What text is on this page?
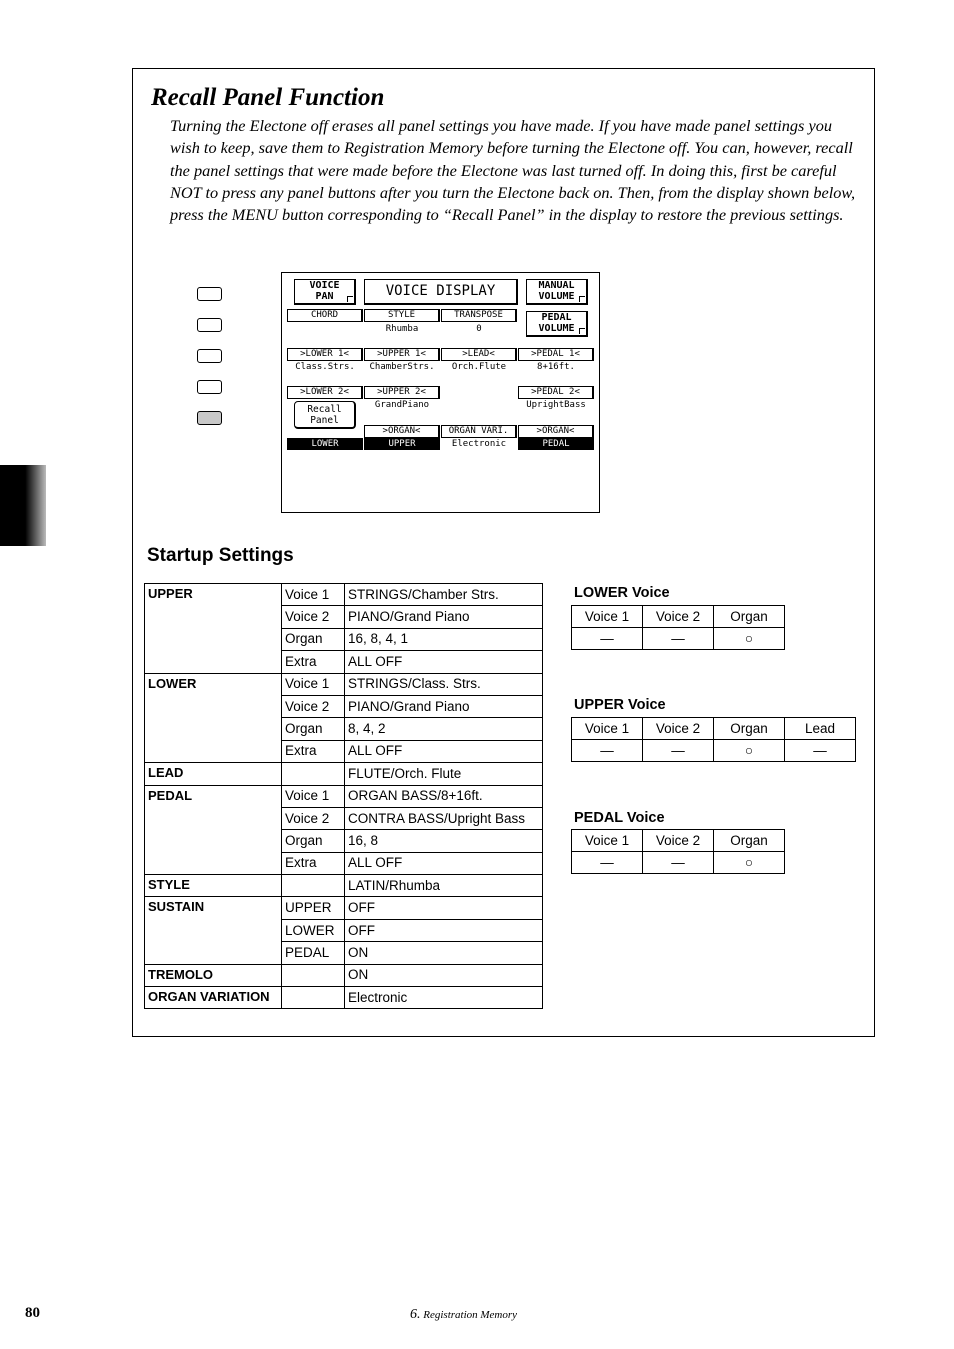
Recall Panel Function

Turning the Electone off erases all panel settings you have made. If you have made panel settings you wish to keep, save them to Registration Memory before turning the Electone off. You can, however, recall the panel settings that were made before the Electone was last turned off. In doing this, first be careful NOT to press any panel buttons after you turn the Electone back on. Then, from the display shown below, press the MENU button corresponding to “Recall Panel” in the display to restore the previous settings.

VOICE
PAN	VOICE DISPLAY	MANUAL
VOLUME
CHORD	STYLE
Rhumba
TRANSPOSE
0
PEDAL
VOLUME
>LOWER 1<
Class.Strs.
>UPPER 1<
ChamberStrs.
>LEAD<
Orch.Flute
>PEDAL 1<
8+16ft.
>LOWER 2<
Recall
Panel
>UPPER 2<
GrandPiano
>PEDAL 2<
UprightBass
>ORGAN<
UPPER
ORGAN VARI.
Electronic
>ORGAN<
PEDAL
LOWER
Startup Settings
UPPER	Voice 1	STRINGS/Chamber Strs.
	Voice 2	PIANO/Grand Piano
	Organ	16, 8, 4, 1
	Extra	ALL OFF
LOWER	Voice 1	STRINGS/Class. Strs.
	Voice 2	PIANO/Grand Piano
	Organ	8, 4, 2
	Extra	ALL OFF
LEAD		FLUTE/Orch. Flute
PEDAL	Voice 1	ORGAN BASS/8+16ft.
	Voice 2	CONTRA BASS/Upright Bass
	Organ	16, 8
	Extra	ALL OFF
STYLE		LATIN/Rhumba
SUSTAIN	UPPER	OFF
	LOWER	OFF
	PEDAL	ON
TREMOLO		ON
ORGAN VARIATION		Electronic
LOWER Voice
Voice 1	Voice 2	Organ
—	—	○
UPPER Voice
Voice 1	Voice 2	Organ	Lead
—	—	○	—
PEDAL Voice
Voice 1	Voice 2	Organ
—	—	○
80	6. Registration Memory
